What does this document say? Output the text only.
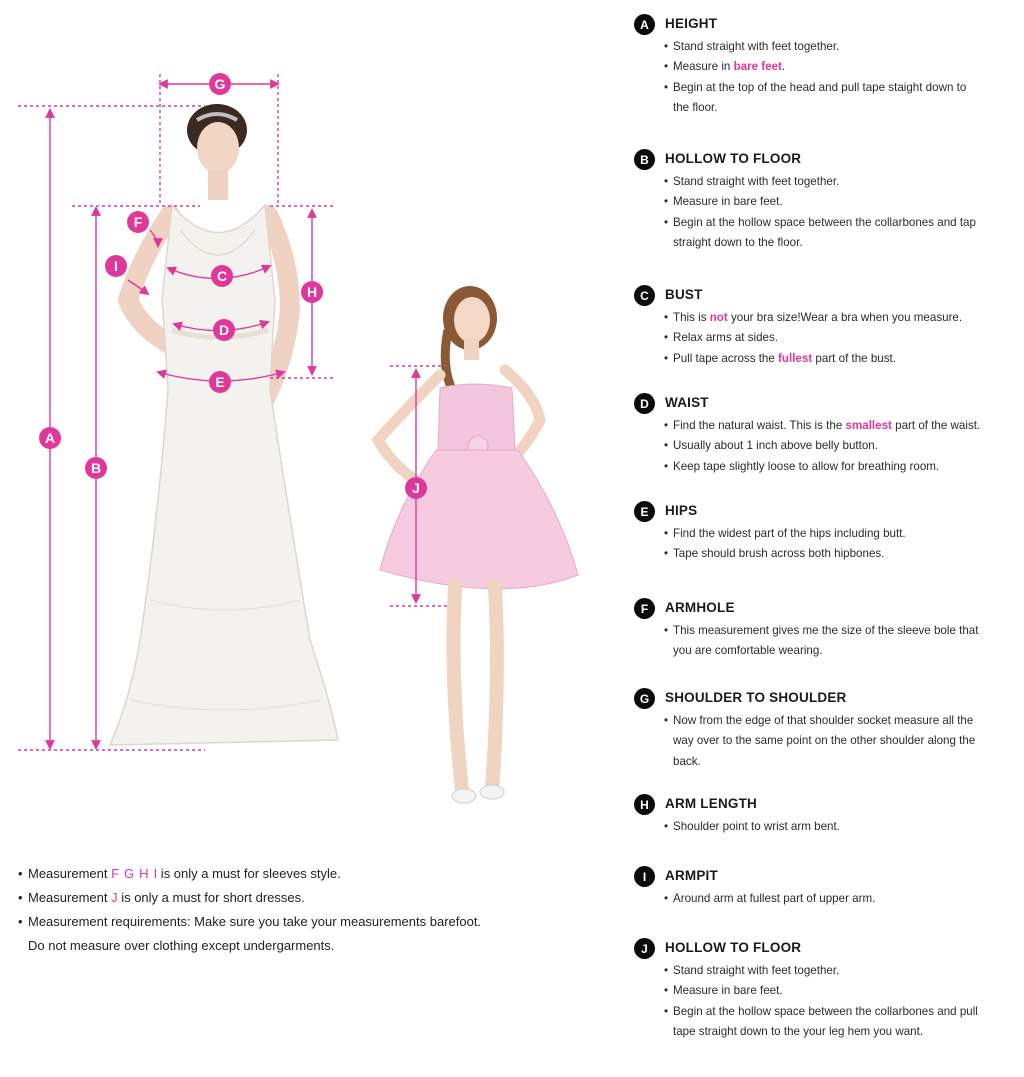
G
A
B
F
I
C
D
E
H
J
• Measurement F G H I is only a must for sleeves style.
• Measurement J is only a must for short dresses.
• Measurement requirements: Make sure you take your measurements barefoot.
Do not measure over clothing except undergarments.
A	HEIGHT
• Stand straight with feet together.
• Measure in bare feet.
• Begin at the top of the head and pull tape staight down to
the floor.
B	HOLLOW TO FLOOR
• Stand straight with feet together.
• Measure in bare feet.
• Begin at the hollow space between the collarbones and tap
straight down to the floor.
C	BUST
• This is not your bra size!Wear a bra when you measure.
• Relax arms at sides.
• Pull tape across the fullest part of the bust.
D	WAIST
• Find the natural waist. This is the smallest part of the waist.
• Usually about 1 inch above belly button.
• Keep tape slightly loose to allow for breathing room.
E	HIPS
• Find the widest part of the hips including butt.
• Tape should brush across both hipbones.
F	ARMHOLE
• This measurement gives me the size of the sleeve bole that
you are comfortable wearing.
G	SHOULDER TO SHOULDER
• Now from the edge of that shoulder socket measure all the
way over to the same point on the other shoulder along the
back.
H	ARM LENGTH
• Shoulder point to wrist arm bent.
I	ARMPIT
• Around arm at fullest part of upper arm.
J	HOLLOW TO FLOOR
• Stand straight with feet together.
• Measure in bare feet.
• Begin at the hollow space between the collarbones and pull
tape straight down to the your leg hem you want.
